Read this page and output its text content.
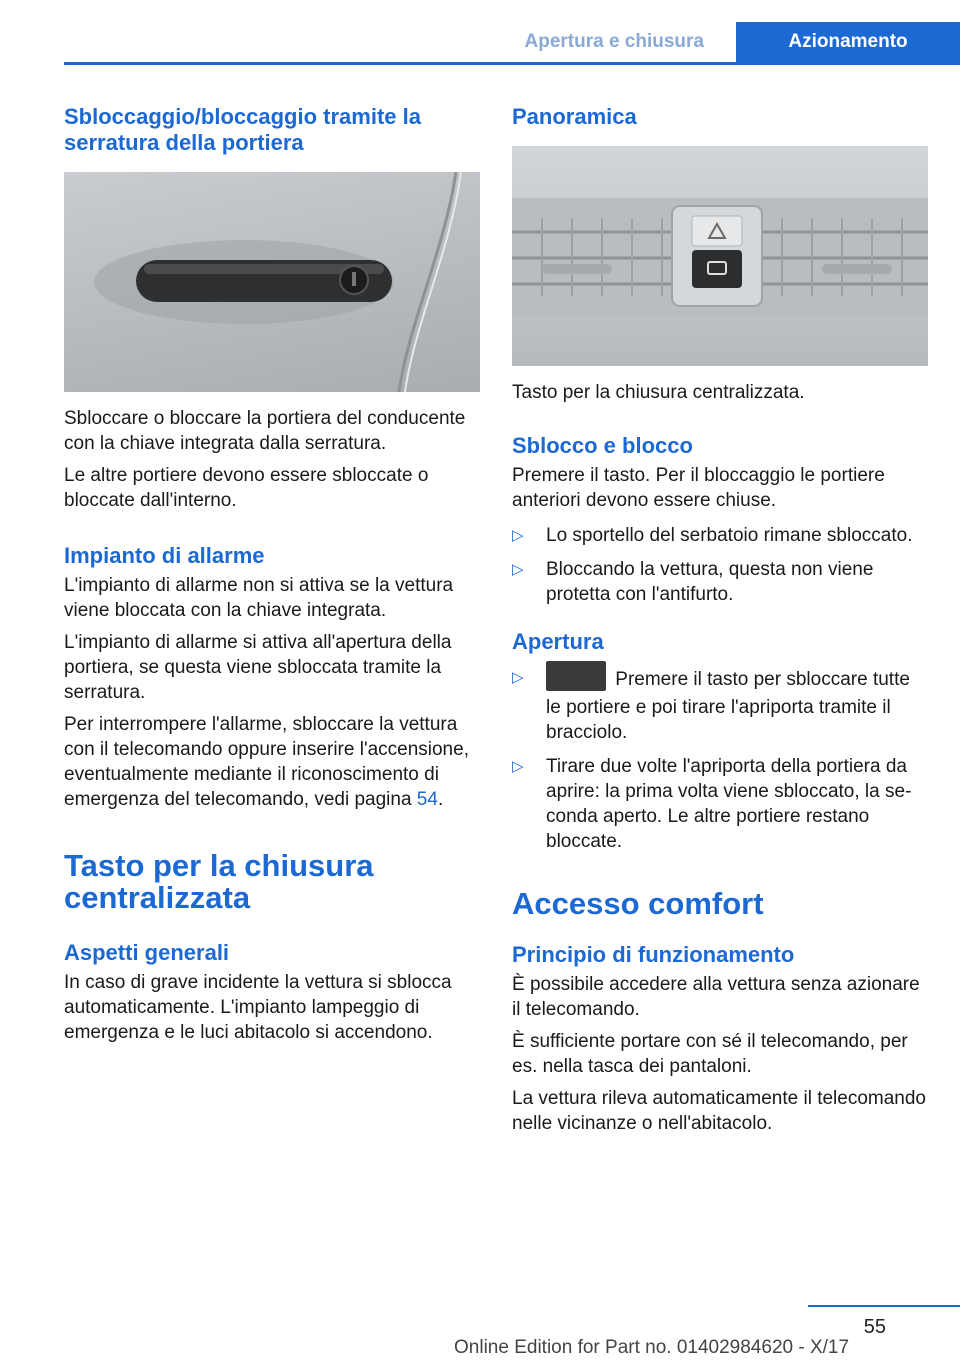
Apertura e chiusura	Azionamento
Sbloccaggio/bloccaggio tramite la serratura della portiera

Sbloccare o bloccare la portiera del conducente con la chiave integrata dalla serratura.

Le altre portiere devono essere sbloccate o bloccate dall'interno.

Impianto di allarme

L'impianto di allarme non si attiva se la vettura viene bloccata con la chiave integrata.

L'impianto di allarme si attiva all'apertura della portiera, se questa viene sbloccata tramite la serratura.

Per interrompere l'allarme, sbloccare la vettura con il telecomando oppure inserire l'accensione, eventualmente mediante il riconoscimento di emergenza del telecomando, vedi pagina 54.

Tasto per la chiusura centralizzata
Aspetti generali

In caso di grave incidente la vettura si sblocca automaticamente. L'impianto lampeggio di emergenza e le luci abitacolo si accendono.

Panoramica

Tasto per la chiusura centralizzata.

Sblocco e blocco

Premere il tasto. Per il bloccaggio le portiere anteriori devono essere chiuse.

▷ Lo sportello del serbatoio rimane sbloccato.
▷ Bloccando la vettura, questa non viene protetta con l'antifurto.
Apertura
▷	Premere il tasto per sbloccare tutte le portiere e poi tirare l'apriporta tramite il bracciolo.
▷ Tirare due volte l'apriporta della portiera da aprire: la prima volta viene sbloccato, la seconda aperto. Le altre portiere restano bloccate.
Accesso comfort
Principio di funzionamento

È possibile accedere alla vettura senza azionare il telecomando.

È sufficiente portare con sé il telecomando, per es. nella tasca dei pantaloni.

La vettura rileva automaticamente il telecomando nelle vicinanze o nell'abitacolo.

55
Online Edition for Part no. 01402984620 - X/17
